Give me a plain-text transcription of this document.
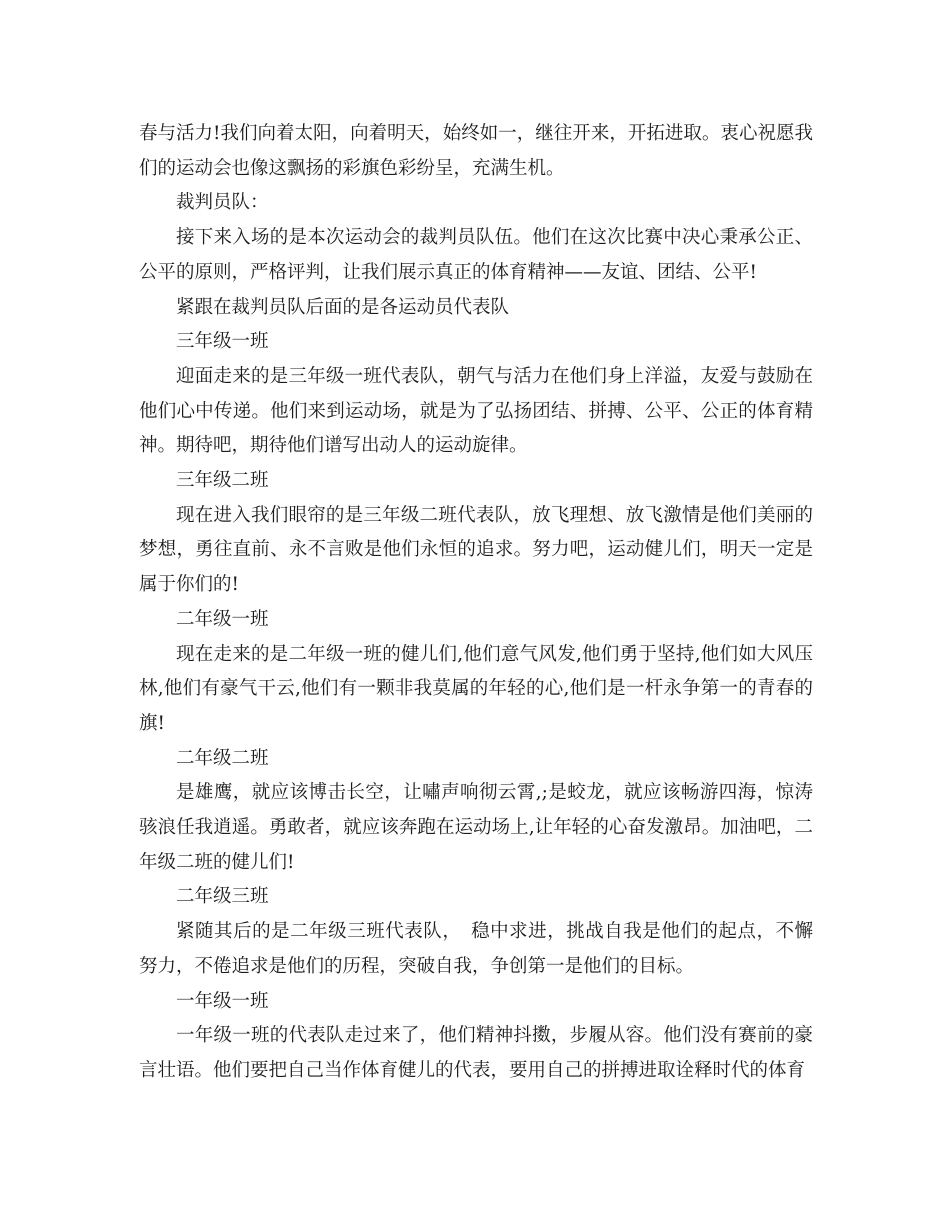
春与活力!我们向着太阳，向着明天，始终如一，继往开来，开拓进取。衷心祝愿我们的运动会也像这飘扬的彩旗色彩纷呈，充满生机。

裁判员队：

接下来入场的是本次运动会的裁判员队伍。他们在这次比赛中决心秉承公正、公平的原则，严格评判，让我们展示真正的体育精神——友谊、团结、公平!

紧跟在裁判员队后面的是各运动员代表队

三年级一班

迎面走来的是三年级一班代表队，朝气与活力在他们身上洋溢，友爱与鼓励在他们心中传递。他们来到运动场，就是为了弘扬团结、拼搏、公平、公正的体育精神。期待吧，期待他们谱写出动人的运动旋律。

三年级二班

现在进入我们眼帘的是三年级二班代表队，放飞理想、放飞激情是他们美丽的梦想，勇往直前、永不言败是他们永恒的追求。努力吧，运动健儿们，明天一定是属于你们的!

二年级一班

现在走来的是二年级一班的健儿们,他们意气风发,他们勇于坚持,他们如大风压林,他们有豪气干云,他们有一颗非我莫属的年轻的心,他们是一杆永争第一的青春的旗!

二年级二班

是雄鹰，就应该博击长空，让嘯声响彻云霄,;是蛟龙，就应该畅游四海，惊涛骇浪任我逍遥。勇敢者，就应该奔跑在运动场上,让年轻的心奋发激昂。加油吧，二年级二班的健儿们!

二年级三班

紧随其后的是二年级三班代表队，　稳中求进，挑战自我是他们的起点，不懈努力，不倦追求是他们的历程，突破自我，争创第一是他们的目标。

一年级一班

一年级一班的代表队走过来了，他们精神抖擞，步履从容。他们没有赛前的豪言壮语。他们要把自己当作体育健儿的代表，要用自己的拼搏进取诠释时代的体育
